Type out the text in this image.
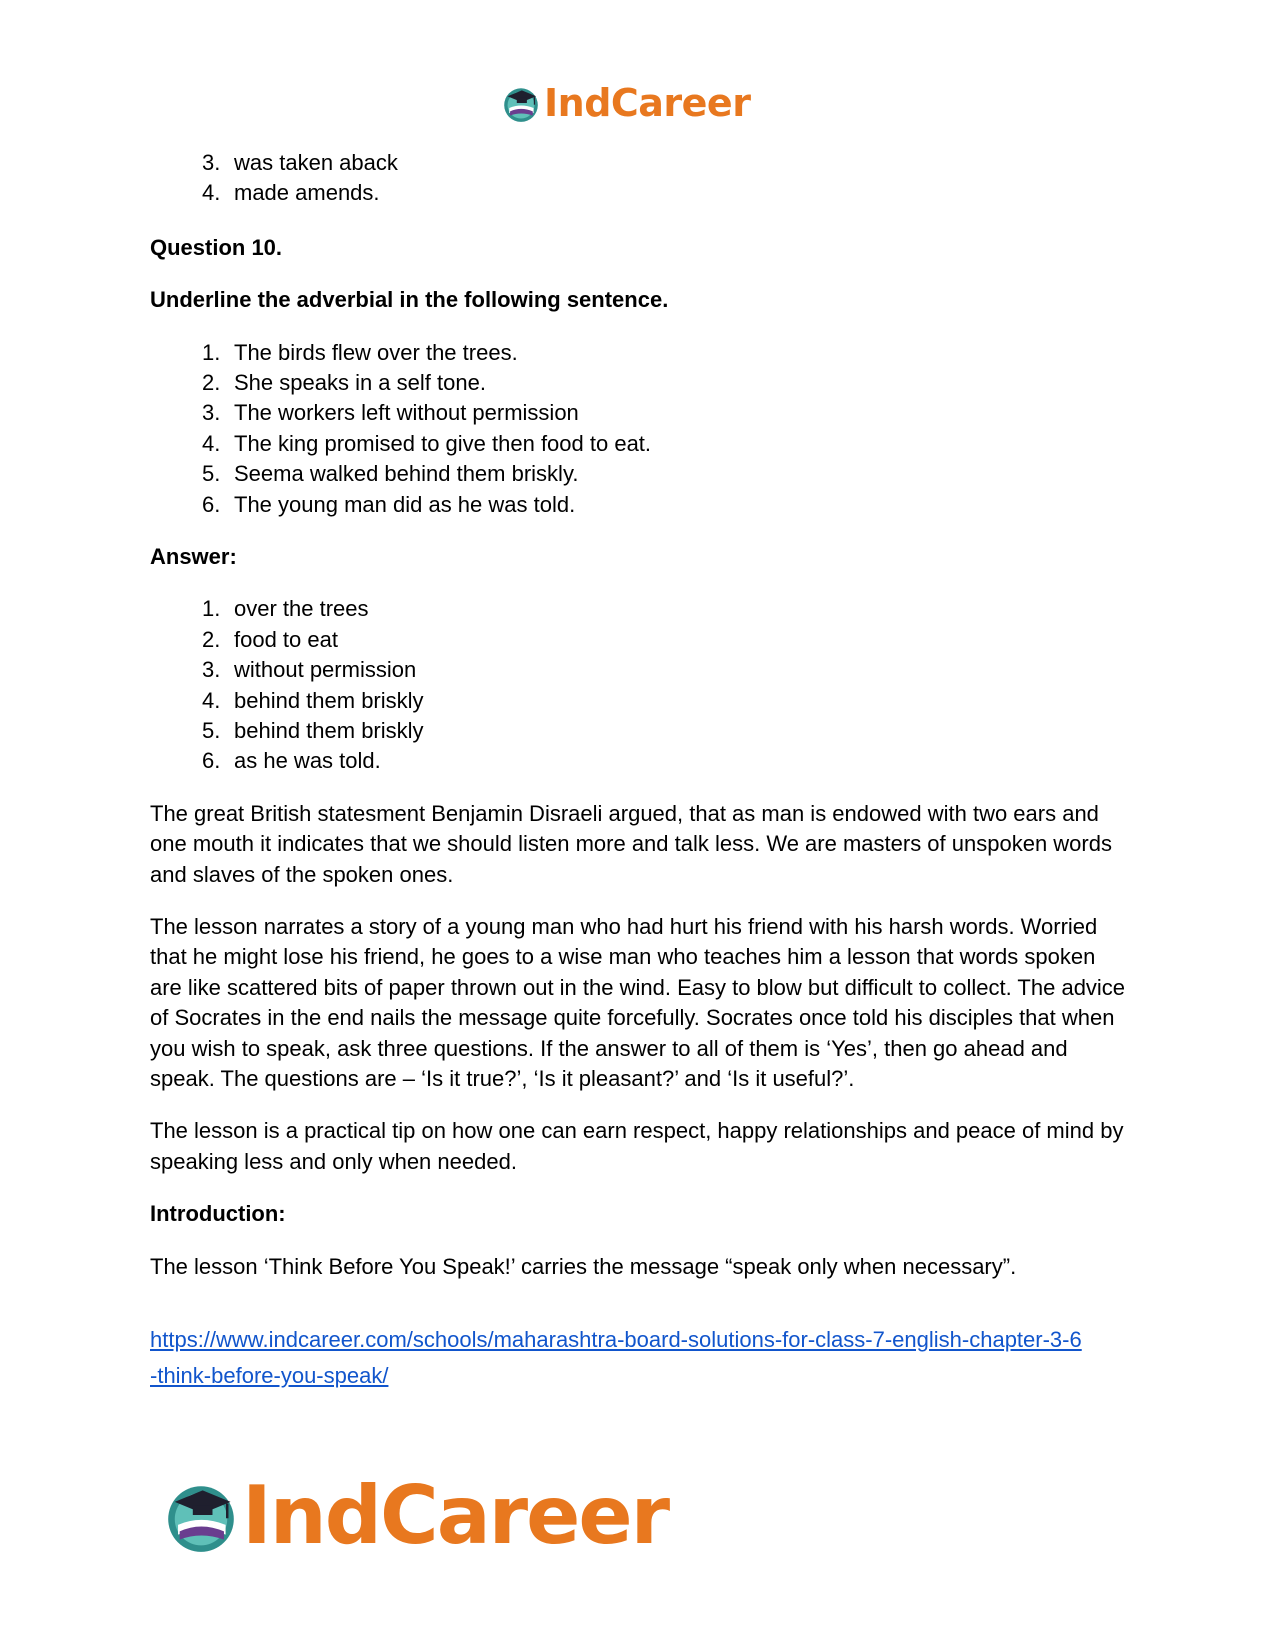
IndCareer
3. was taken aback
4. made amends.

Question 10.

Underline the adverbial in the following sentence.

1. The birds flew over the trees.
2. She speaks in a self tone.
3. The workers left without permission
4. The king promised to give then food to eat.
5. Seema walked behind them briskly.
6. The young man did as he was told.

Answer:

1. over the trees
2. food to eat
3. without permission
4. behind them briskly
5. behind them briskly
6. as he was told.

The great British statesment Benjamin Disraeli argued, that as man is endowed with two ears and one mouth it indicates that we should listen more and talk less. We are masters of unspoken words and slaves of the spoken ones.

The lesson narrates a story of a young man who had hurt his friend with his harsh words. Worried that he might lose his friend, he goes to a wise man who teaches him a lesson that words spoken are like scattered bits of paper thrown out in the wind. Easy to blow but difficult to collect. The advice of Socrates in the end nails the message quite forcefully. Socrates once told his disciples that when you wish to speak, ask three questions. If the answer to all of them is ‘Yes’, then go ahead and speak. The questions are – ‘Is it true?’, ‘Is it pleasant?’ and ‘Is it useful?’.

The lesson is a practical tip on how one can earn respect, happy relationships and peace of mind by speaking less and only when needed.

Introduction:

The lesson ‘Think Before You Speak!’ carries the message “speak only when necessary”.

https://www.indcareer.com/schools/maharashtra-board-solutions-for-class-7-english-chapter-3-6
-think-before-you-speak/
IndCareer
